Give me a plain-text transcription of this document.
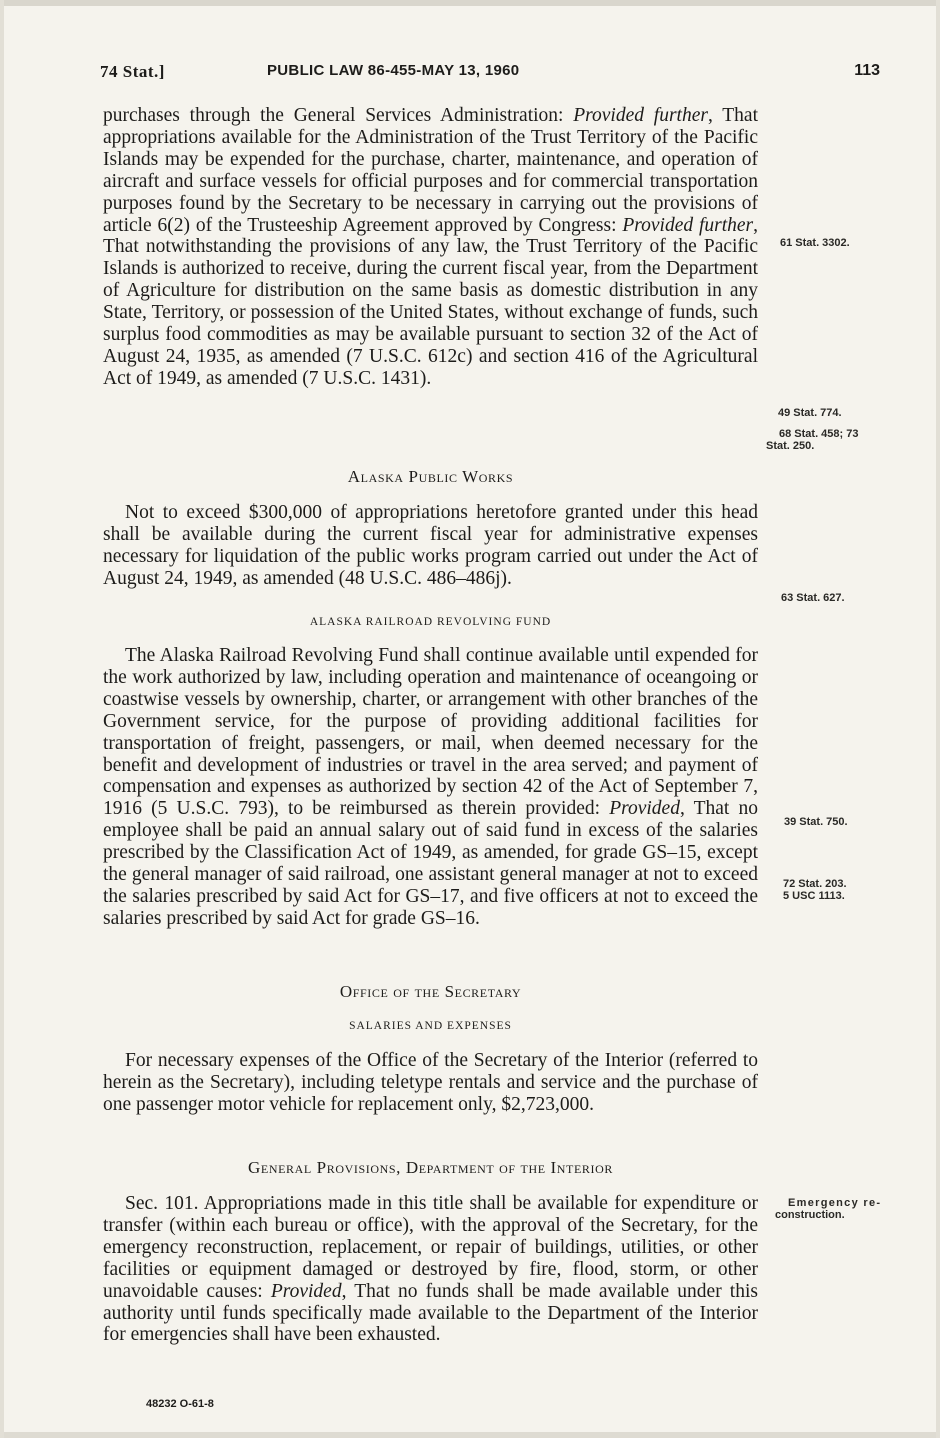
74 Stat.]	PUBLIC LAW 86-455-MAY 13, 1960	113

purchases through the General Services Administration: Provided further, That appropriations available for the Administration of the Trust Territory of the Pacific Islands may be expended for the purchase, charter, maintenance, and operation of aircraft and surface vessels for official purposes and for commercial transportation purposes found by the Secretary to be necessary in carrying out the provisions of article 6(2) of the Trusteeship Agreement approved by Congress: Provided further, That notwithstanding the provisions of any law, the Trust Territory of the Pacific Islands is authorized to receive, during the current fiscal year, from the Department of Agriculture for distribution on the same basis as domestic distribution in any State, Territory, or possession of the United States, without exchange of funds, such surplus food commodities as may be available pursuant to section 32 of the Act of August 24, 1935, as amended (7 U.S.C. 612c) and section 416 of the Agricultural Act of 1949, as amended (7 U.S.C. 1431).

Alaska Public Works

Not to exceed $300,000 of appropriations heretofore granted under this head shall be available during the current fiscal year for administrative expenses necessary for liquidation of the public works program carried out under the Act of August 24, 1949, as amended (48 U.S.C. 486–486j).

ALASKA RAILROAD REVOLVING FUND

The Alaska Railroad Revolving Fund shall continue available until expended for the work authorized by law, including operation and maintenance of oceangoing or coastwise vessels by ownership, charter, or arrangement with other branches of the Government service, for the purpose of providing additional facilities for transportation of freight, passengers, or mail, when deemed necessary for the benefit and development of industries or travel in the area served; and payment of compensation and expenses as authorized by section 42 of the Act of September 7, 1916 (5 U.S.C. 793), to be reimbursed as therein provided: Provided, That no employee shall be paid an annual salary out of said fund in excess of the salaries prescribed by the Classification Act of 1949, as amended, for grade GS–15, except the general manager of said railroad, one assistant general manager at not to exceed the salaries prescribed by said Act for GS–17, and five officers at not to exceed the salaries prescribed by said Act for grade GS–16.

Office of the Secretary
SALARIES AND EXPENSES

For necessary expenses of the Office of the Secretary of the Interior (referred to herein as the Secretary), including teletype rentals and service and the purchase of one passenger motor vehicle for replacement only, $2,723,000.

General Provisions, Department of the Interior

Sec. 101. Appropriations made in this title shall be available for expenditure or transfer (within each bureau or office), with the approval of the Secretary, for the emergency reconstruction, replacement, or repair of buildings, utilities, or other facilities or equipment damaged or destroyed by fire, flood, storm, or other unavoidable causes: Provided, That no funds shall be made available under this authority until funds specifically made available to the Department of the Interior for emergencies shall have been exhausted.

61 Stat. 3302.
49 Stat. 774.
68 Stat. 458; 73
Stat. 250.
63 Stat. 627.
39 Stat. 750.
72 Stat. 203.
5 USC 1113.
Emergency re-
construction.
48232 O-61-8
